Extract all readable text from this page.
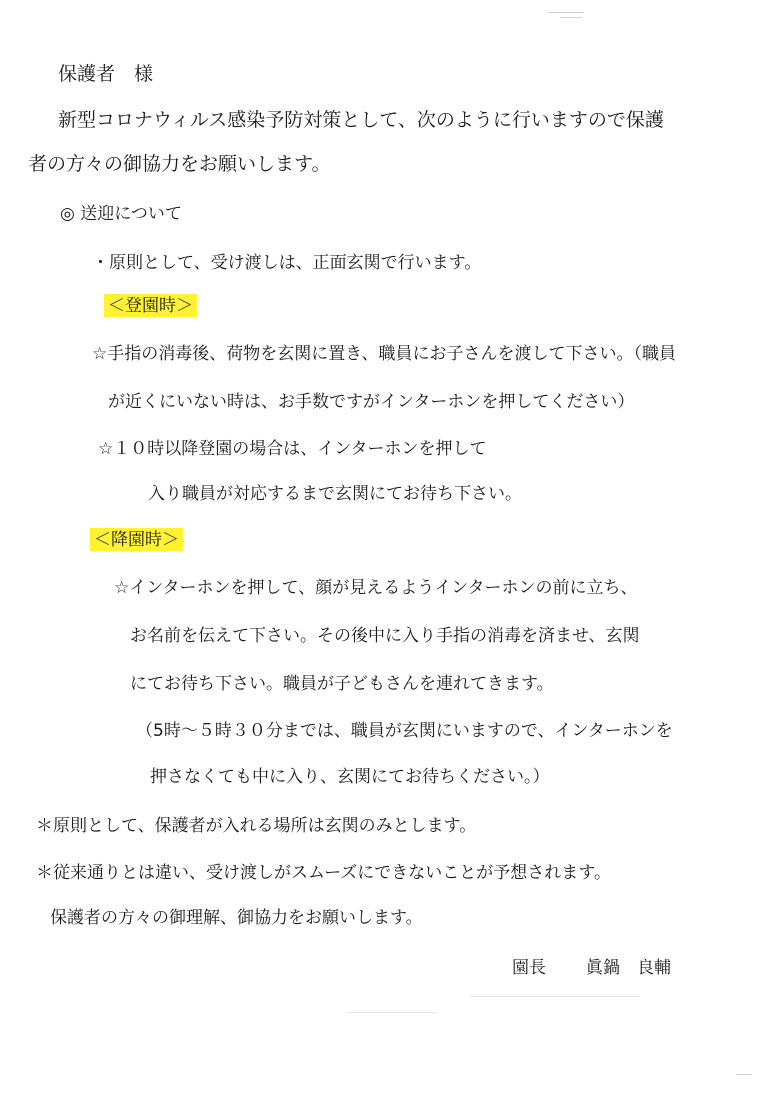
保護者　様
新型コロナウィルス感染予防対策として、次のように行いますので保護
者の方々の御協力をお願いします。
◎ 送迎について
・原則として、受け渡しは、正面玄関で行います。
＜登園時＞
☆手指の消毒後、荷物を玄関に置き、職員にお子さんを渡して下さい。（職員
が近くにいない時は、お手数ですがインターホンを押してください）
☆１０時以降登園の場合は、インターホンを押して
入り職員が対応するまで玄関にてお待ち下さい。
＜降園時＞
☆インターホンを押して、顔が見えるようインターホンの前に立ち、
お名前を伝えて下さい。その後中に入り手指の消毒を済ませ、玄関
にてお待ち下さい。職員が子どもさんを連れてきます。
（5時〜５時３０分までは、職員が玄関にいますので、インターホンを
押さなくても中に入り、玄関にてお待ちください。）
＊原則として、保護者が入れる場所は玄関のみとします。
＊従来通りとは違い、受け渡しがスムーズにできないことが予想されます。
保護者の方々の御理解、御協力をお願いします。
園長 眞鍋　良輔
